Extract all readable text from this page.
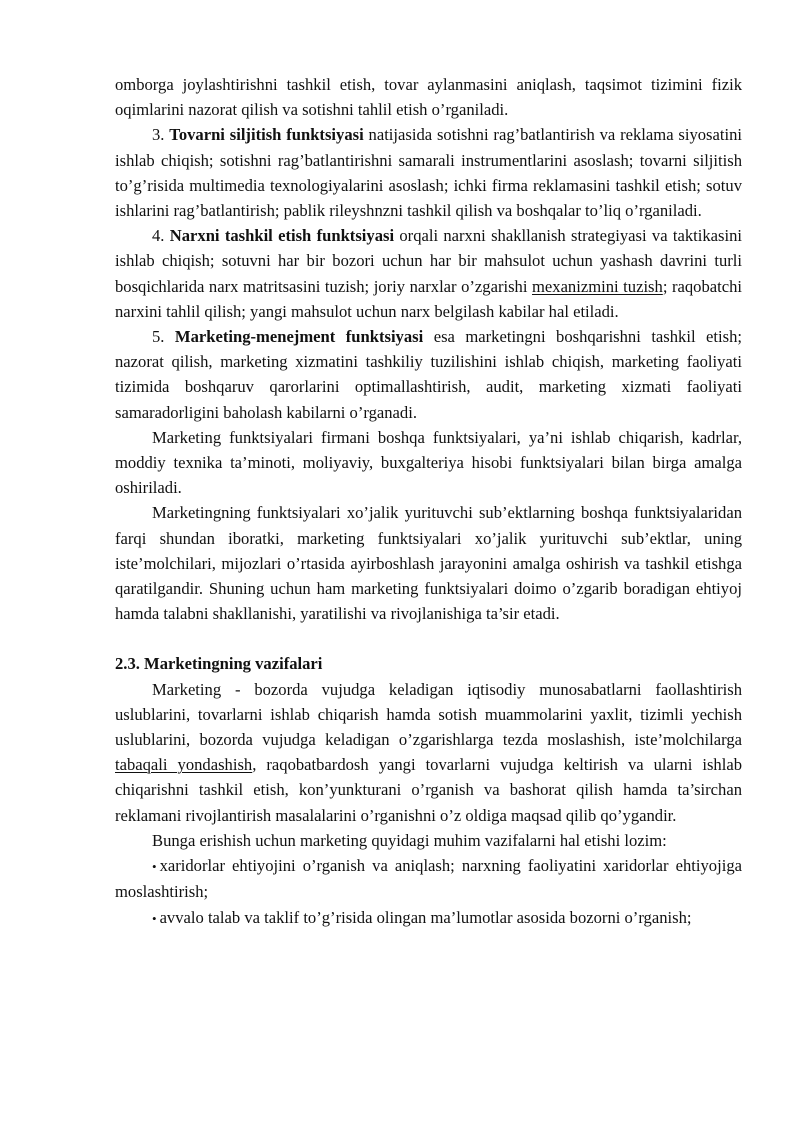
omborga joylashtirishni tashkil etish, tovar aylanmasini aniqlash, taqsimot tizimini fizik oqimlarini nazorat qilish va sotishni tahlil etish o’rganiladi.

3. Tovarni siljitish funktsiyasi natijasida sotishni rag’batlantirish va reklama siyosatini ishlab chiqish; sotishni rag’batlantirishni samarali instrumentlarini asoslash; tovarni siljitish to’g’risida multimedia texnologiyalarini asoslash; ichki firma reklamasini tashkil etish; sotuv ishlarini rag’batlantirish; pablik rileyshnzni tashkil qilish va boshqalar to’liq o’rganiladi.

4. Narxni tashkil etish funktsiyasi orqali narxni shakllanish strategiyasi va taktikasini ishlab chiqish; sotuvni har bir bozori uchun har bir mahsulot uchun yashash davrini turli bosqichlarida narx matritsasini tuzish; joriy narxlar o’zgarishi mexanizmini tuzish; raqobatchi narxini tahlil qilish; yangi mahsulot uchun narx belgilash kabilar hal etiladi.

5. Marketing-menejment funktsiyasi esa marketingni boshqarishni tashkil etish; nazorat qilish, marketing xizmatini tashkiliy tuzilishini ishlab chiqish, marketing faoliyati tizimida boshqaruv qarorlarini optimallashtirish, audit, marketing xizmati faoliyati samaradorligini baholash kabilarni o’rganadi.

Marketing funktsiyalari firmani boshqa funktsiyalari, ya’ni ishlab chiqarish, kadrlar, moddiy texnika ta’minoti, moliyaviy, buxgalteriya hisobi funktsiyalari bilan birga amalga oshiriladi.

Marketingning funktsiyalari xo’jalik yurituvchi sub’ektlarning boshqa funktsiyalaridan farqi shundan iboratki, marketing funktsiyalari xo’jalik yurituvchi sub’ektlar, uning iste’molchilari, mijozlari o’rtasida ayirboshlash jarayonini amalga oshirish va tashkil etishga qaratilgandir. Shuning uchun ham marketing funktsiyalari doimo o’zgarib boradigan ehtiyoj hamda talabni shakllanishi, yaratilishi va rivojlanishiga ta’sir etadi.

2.3. Marketingning vazifalari

Marketing - bozorda vujudga keladigan iqtisodiy munosabatlarni faollashtirish uslublarini, tovarlarni ishlab chiqarish hamda sotish muammolarini yaxlit, tizimli yechish uslublarini, bozorda vujudga keladigan o’zgarishlarga tezda moslashish, iste’molchilarga tabaqali yondashish, raqobatbardosh yangi tovarlarni vujudga keltirish va ularni ishlab chiqarishni tashkil etish, kon’yunkturani o’rganish va bashorat qilish hamda ta’sirchan reklamani rivojlantirish masalalarini o’rganishni o’z oldiga maqsad qilib qo’ygandir.

Bunga erishish uchun marketing quyidagi muhim vazifalarni hal etishi lozim:

• xaridorlar ehtiyojini o’rganish va aniqlash; narxning faoliyatini xaridorlar ehtiyojiga moslashtirish;

• avvalo talab va taklif to’g’risida olingan ma’lumotlar asosida bozorni o’rganish;
